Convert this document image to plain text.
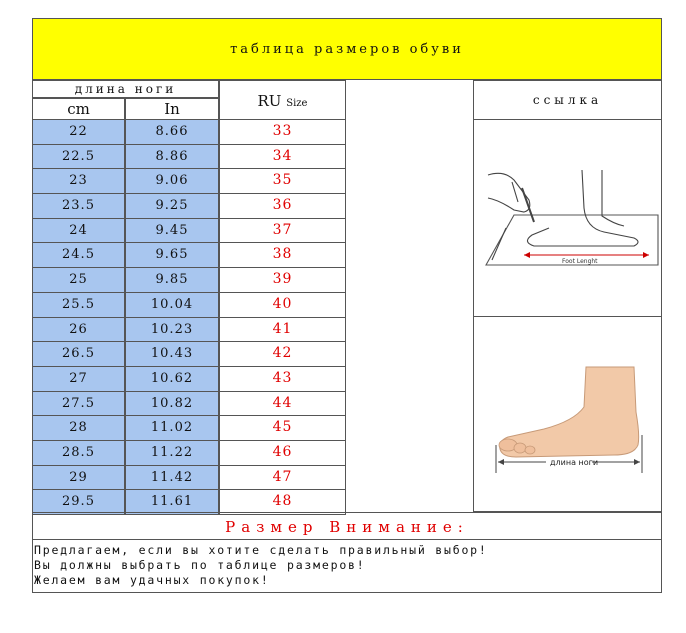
таблица размеров обуви
длина ноги
cm	In	RU Size
22	8.66	33
22.5	8.86	34
23	9.06	35
23.5	9.25	36
24	9.45	37
24.5	9.65	38
25	9.85	39
25.5	10.04	40
26	10.23	41
26.5	10.43	42
27	10.62	43
27.5	10.82	44
28	11.02	45
28.5	11.22	46
29	11.42	47
29.5	11.61	48
ссылка
Foot Lenght
длина ноги
Размер Внимание:
Предлагаем, если вы хотите сделать правильный выбор!
Вы должны выбрать по таблице размеров!
Желаем вам удачных покупок!
